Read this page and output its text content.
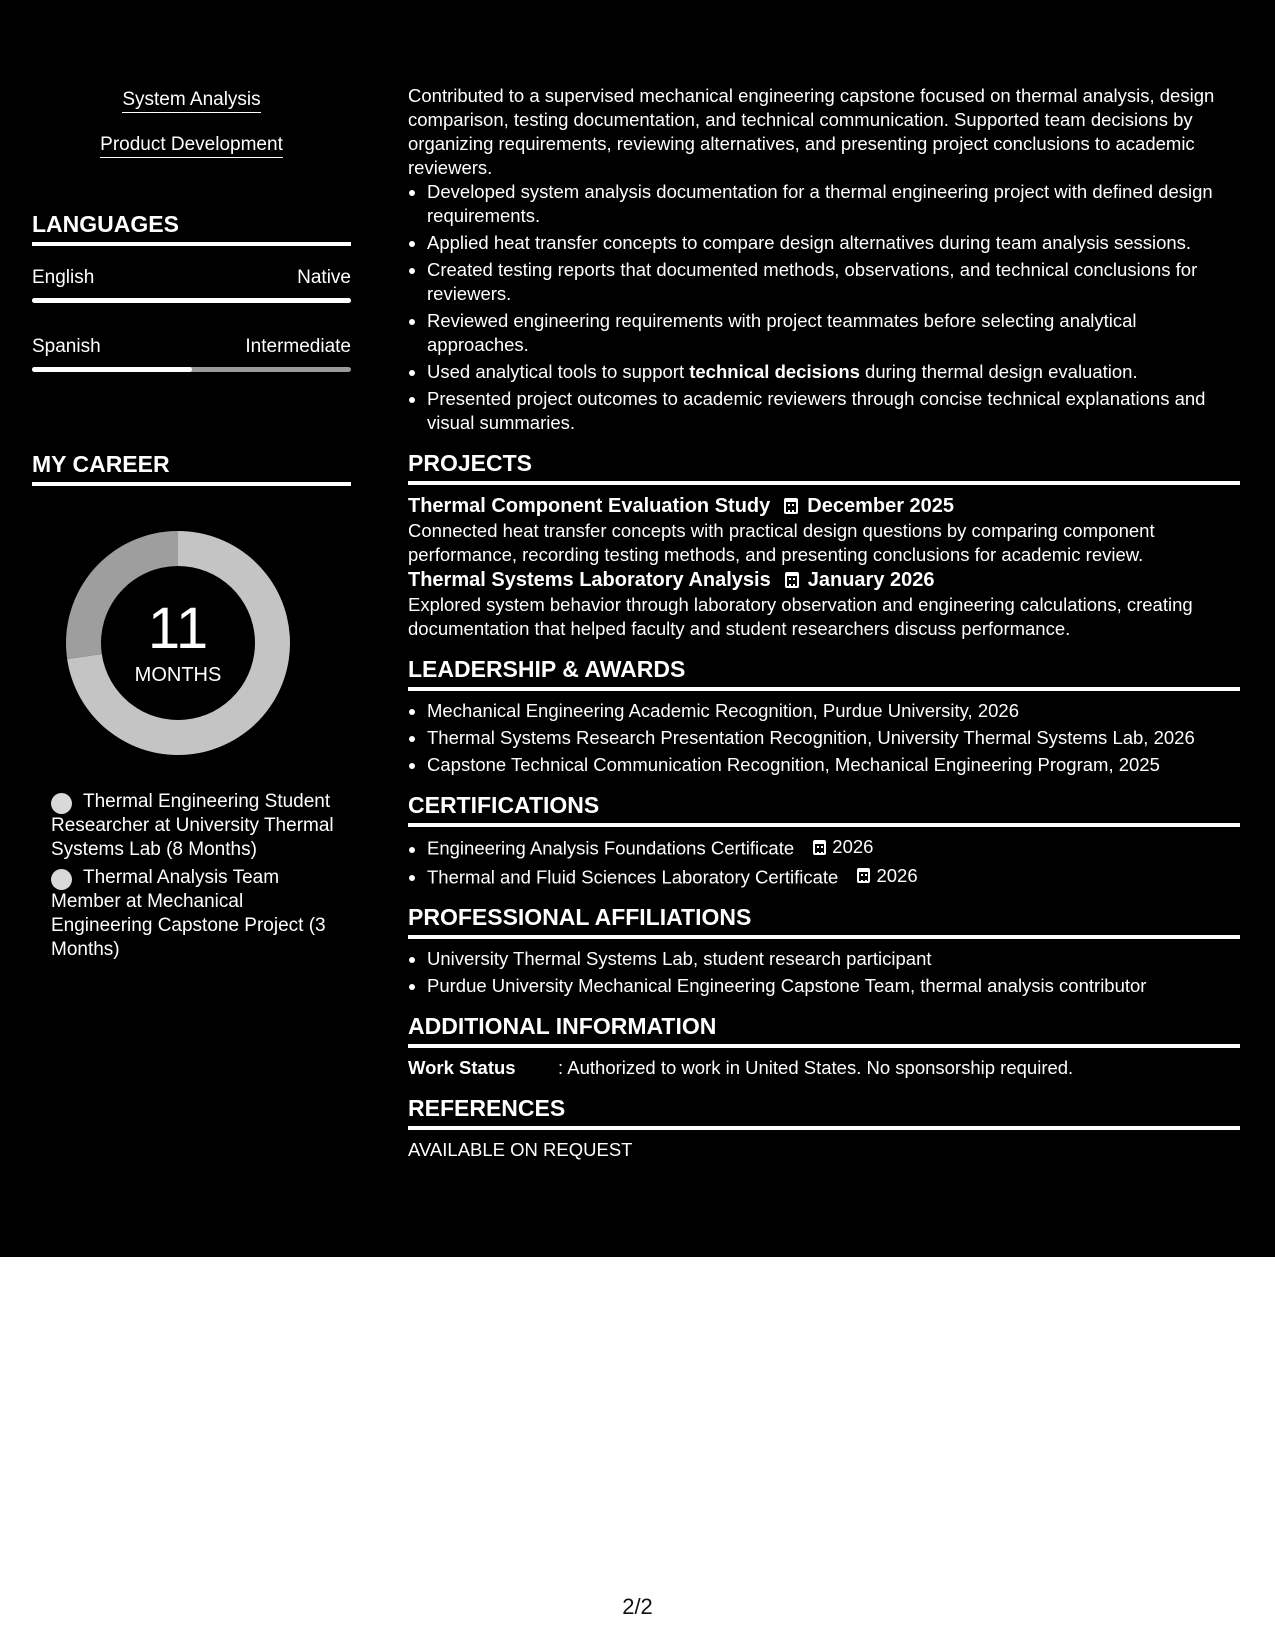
System Analysis
Product Development
LANGUAGES
English	Native
Spanish	Intermediate
MY CAREER
11
MONTHS
Thermal Engineering Student Researcher at University Thermal Systems Lab (8 Months)
Thermal Analysis Team Member at Mechanical Engineering Capstone Project (3 Months)

Contributed to a supervised mechanical engineering capstone focused on thermal analysis, design comparison, testing documentation, and technical communication. Supported team decisions by organizing requirements, reviewing alternatives, and presenting project conclusions to academic reviewers.

• Developed system analysis documentation for a thermal engineering project with defined design requirements.
• Applied heat transfer concepts to compare design alternatives during team analysis sessions.
• Created testing reports that documented methods, observations, and technical conclusions for reviewers.
• Reviewed engineering requirements with project teammates before selecting analytical approaches.
• Used analytical tools to support technical decisions during thermal design evaluation.
• Presented project outcomes to academic reviewers through concise technical explanations and visual summaries.
PROJECTS
Thermal Component Evaluation Study December 2025

Connected heat transfer concepts with practical design questions by comparing component performance, recording testing methods, and presenting conclusions for academic review.

Thermal Systems Laboratory Analysis January 2026

Explored system behavior through laboratory observation and engineering calculations, creating documentation that helped faculty and student researchers discuss performance.

LEADERSHIP & AWARDS
• Mechanical Engineering Academic Recognition, Purdue University, 2026
• Thermal Systems Research Presentation Recognition, University Thermal Systems Lab, 2026
• Capstone Technical Communication Recognition, Mechanical Engineering Program, 2025
CERTIFICATIONS
• Engineering Analysis Foundations Certificate 2026
• Thermal and Fluid Sciences Laboratory Certificate 2026
PROFESSIONAL AFFILIATIONS
• University Thermal Systems Lab, student research participant
• Purdue University Mechanical Engineering Capstone Team, thermal analysis contributor
ADDITIONAL INFORMATION
Work Status	: Authorized to work in United States. No sponsorship required.
REFERENCES
AVAILABLE ON REQUEST
2/2
